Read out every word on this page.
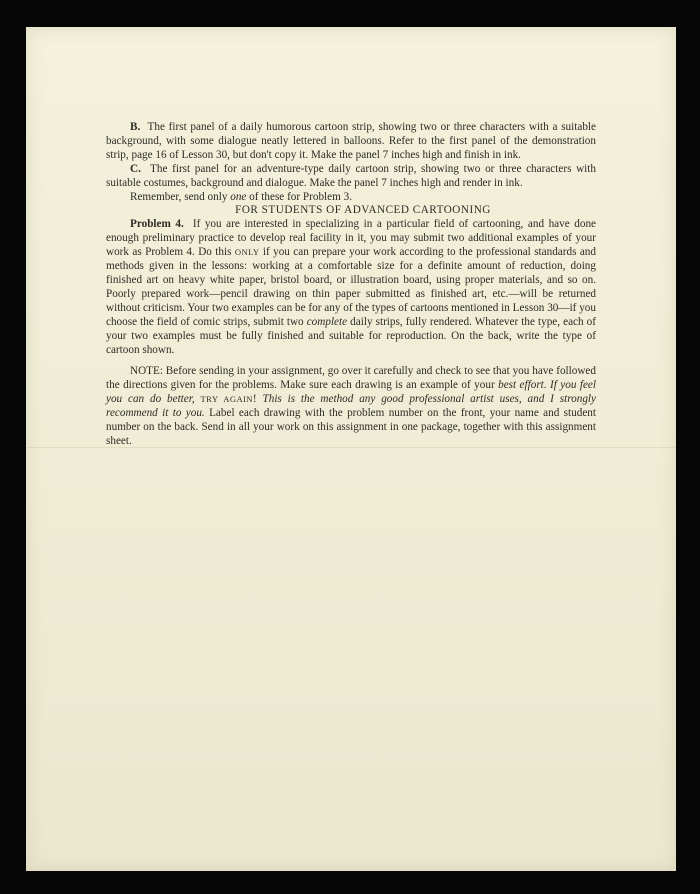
B. The first panel of a daily humorous cartoon strip, showing two or three characters with a suitable background, with some dialogue neatly lettered in balloons. Refer to the first panel of the demonstration strip, page 16 of Lesson 30, but don't copy it. Make the panel 7 inches high and finish in ink.

C. The first panel for an adventure-type daily cartoon strip, showing two or three characters with suitable costumes, background and dialogue. Make the panel 7 inches high and render in ink.

Remember, send only one of these for Problem 3.

FOR STUDENTS OF ADVANCED CARTOONING

Problem 4. If you are interested in specializing in a particular field of cartooning, and have done enough preliminary practice to develop real facility in it, you may submit two additional examples of your work as Problem 4. Do this ONLY if you can prepare your work according to the professional standards and methods given in the lessons: working at a comfortable size for a definite amount of reduction, doing finished art on heavy white paper, bristol board, or illustration board, using proper materials, and so on. Poorly prepared work—pencil drawing on thin paper submitted as finished art, etc.—will be returned without criticism. Your two examples can be for any of the types of cartoons mentioned in Lesson 30—if you choose the field of comic strips, submit two complete daily strips, fully rendered. Whatever the type, each of your two examples must be fully finished and suitable for reproduction. On the back, write the type of cartoon shown.

NOTE: Before sending in your assignment, go over it carefully and check to see that you have followed the directions given for the problems. Make sure each drawing is an example of your best effort. If you feel you can do better, TRY AGAIN! This is the method any good professional artist uses, and I strongly recommend it to you. Label each drawing with the problem number on the front, your name and student number on the back. Send in all your work on this assignment in one package, together with this assignment sheet.
